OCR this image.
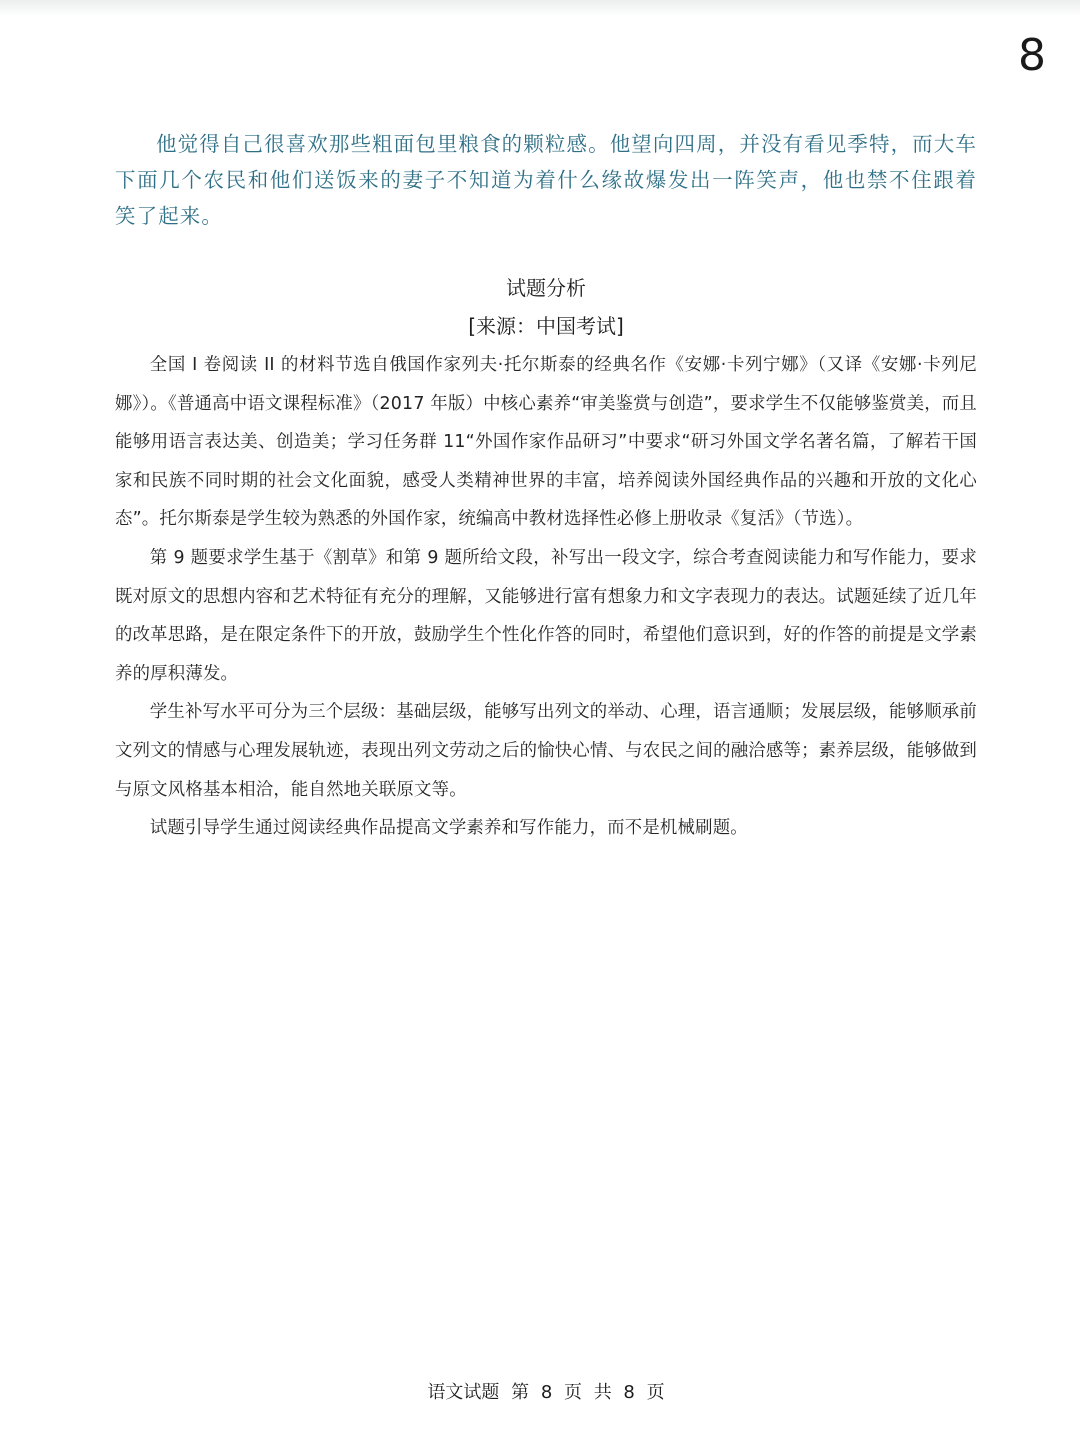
8

他觉得自己很喜欢那些粗面包里粮食的颗粒感。他望向四周，并没有看见季特，而大车下面几个农民和他们送饭来的妻子不知道为着什么缘故爆发出一阵笑声，他也禁不住跟着笑了起来。

试题分析

[来源：中国考试]

全国 I 卷阅读 II 的材料节选自俄国作家列夫·托尔斯泰的经典名作《安娜·卡列宁娜》（又译《安娜·卡列尼娜》）。《普通高中语文课程标准》（2017 年版）中核心素养“审美鉴赏与创造”，要求学生不仅能够鉴赏美，而且能够用语言表达美、创造美；学习任务群 11“外国作家作品研习”中要求“研习外国文学名著名篇，了解若干国家和民族不同时期的社会文化面貌，感受人类精神世界的丰富，培养阅读外国经典作品的兴趣和开放的文化心态”。托尔斯泰是学生较为熟悉的外国作家，统编高中教材选择性必修上册收录《复活》（节选）。

第 9 题要求学生基于《割草》和第 9 题所给文段，补写出一段文字，综合考查阅读能力和写作能力，要求既对原文的思想内容和艺术特征有充分的理解，又能够进行富有想象力和文字表现力的表达。试题延续了近几年的改革思路，是在限定条件下的开放，鼓励学生个性化作答的同时，希望他们意识到，好的作答的前提是文学素养的厚积薄发。

学生补写水平可分为三个层级：基础层级，能够写出列文的举动、心理，语言通顺；发展层级，能够顺承前文列文的情感与心理发展轨迹，表现出列文劳动之后的愉快心情、与农民之间的融洽感等；素养层级，能够做到与原文风格基本相洽，能自然地关联原文等。

试题引导学生通过阅读经典作品提高文学素养和写作能力，而不是机械刷题。

语文试题 第 8 页 共 8 页
